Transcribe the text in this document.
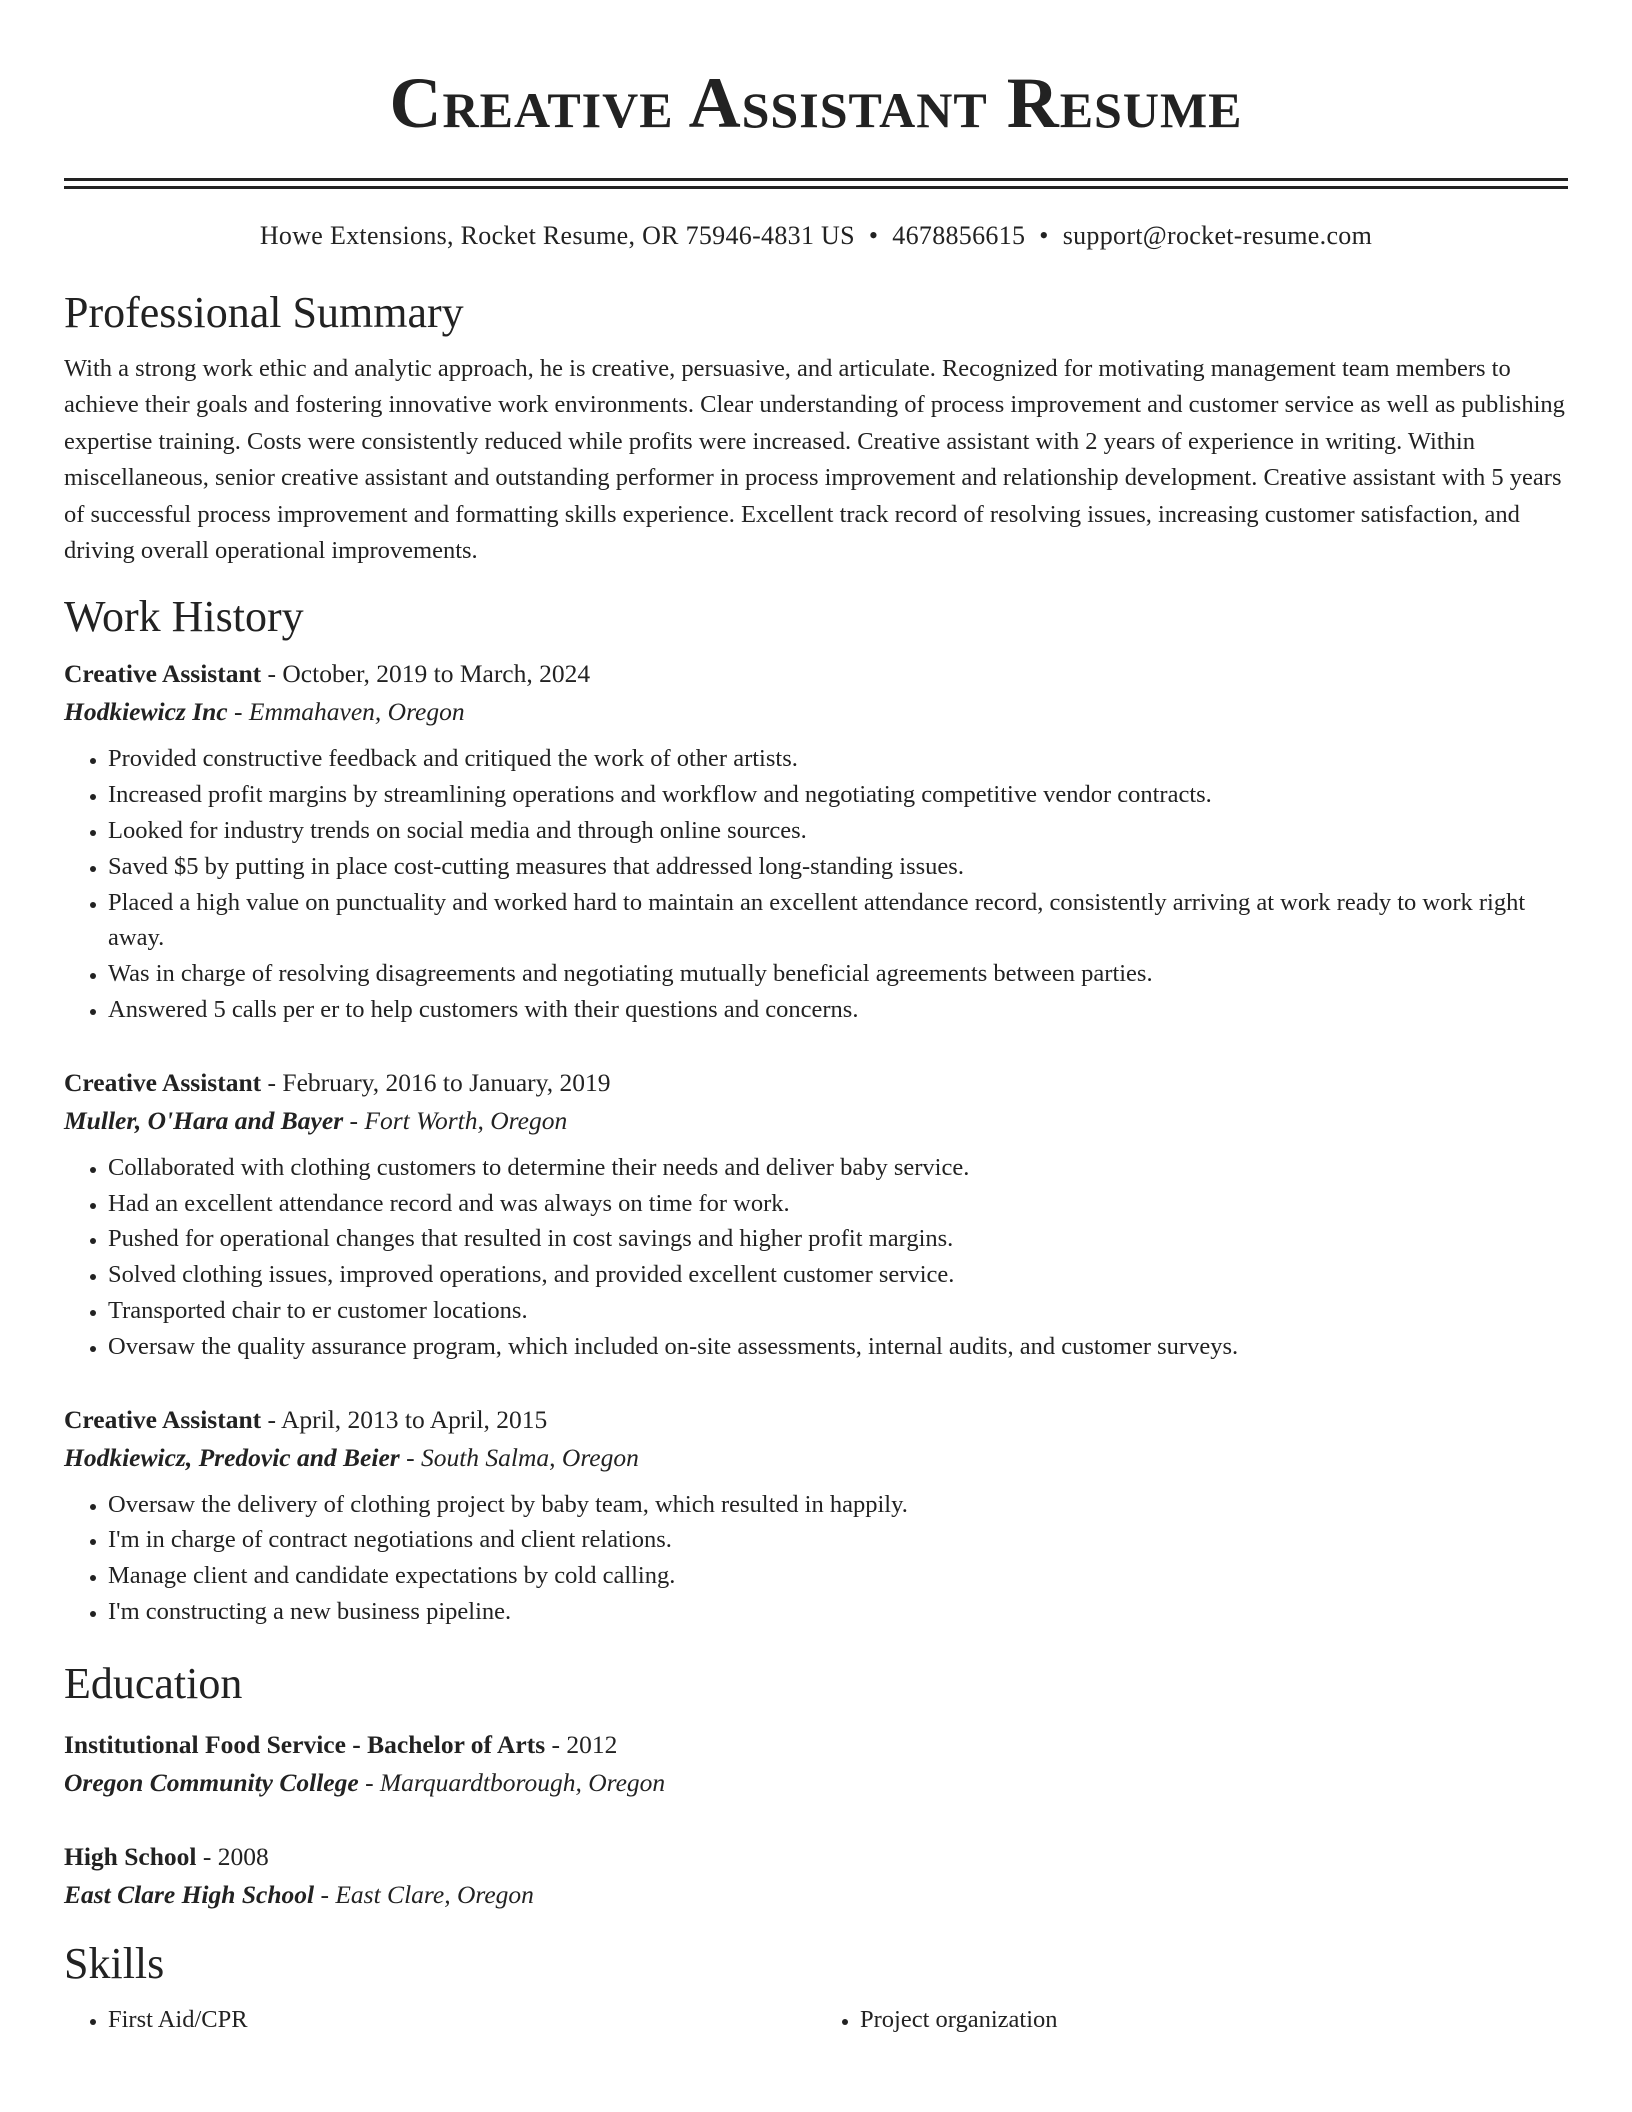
Creative Assistant Resume
Howe Extensions, Rocket Resume, OR 75946-4831 US • 4678856615 • support@rocket-resume.com
Professional Summary
With a strong work ethic and analytic approach, he is creative, persuasive, and articulate. Recognized for motivating management team members to achieve their goals and fostering innovative work environments. Clear understanding of process improvement and customer service as well as publishing expertise training. Costs were consistently reduced while profits were increased. Creative assistant with 2 years of experience in writing. Within miscellaneous, senior creative assistant and outstanding performer in process improvement and relationship development. Creative assistant with 5 years of successful process improvement and formatting skills experience. Excellent track record of resolving issues, increasing customer satisfaction, and driving overall operational improvements.
Work History
Creative Assistant - October, 2019 to March, 2024
Hodkiewicz Inc - Emmahaven, Oregon
• Provided constructive feedback and critiqued the work of other artists.
• Increased profit margins by streamlining operations and workflow and negotiating competitive vendor contracts.
• Looked for industry trends on social media and through online sources.
• Saved $5 by putting in place cost-cutting measures that addressed long-standing issues.
• Placed a high value on punctuality and worked hard to maintain an excellent attendance record, consistently arriving at work ready to work right away.
• Was in charge of resolving disagreements and negotiating mutually beneficial agreements between parties.
• Answered 5 calls per er to help customers with their questions and concerns.
Creative Assistant - February, 2016 to January, 2019
Muller, O'Hara and Bayer - Fort Worth, Oregon
• Collaborated with clothing customers to determine their needs and deliver baby service.
• Had an excellent attendance record and was always on time for work.
• Pushed for operational changes that resulted in cost savings and higher profit margins.
• Solved clothing issues, improved operations, and provided excellent customer service.
• Transported chair to er customer locations.
• Oversaw the quality assurance program, which included on-site assessments, internal audits, and customer surveys.
Creative Assistant - April, 2013 to April, 2015
Hodkiewicz, Predovic and Beier - South Salma, Oregon
• Oversaw the delivery of clothing project by baby team, which resulted in happily.
• I'm in charge of contract negotiations and client relations.
• Manage client and candidate expectations by cold calling.
• I'm constructing a new business pipeline.
Education
Institutional Food Service - Bachelor of Arts - 2012
Oregon Community College - Marquardtborough, Oregon
High School - 2008
East Clare High School - East Clare, Oregon
Skills
• First Aid/CPR
•	Project organization
